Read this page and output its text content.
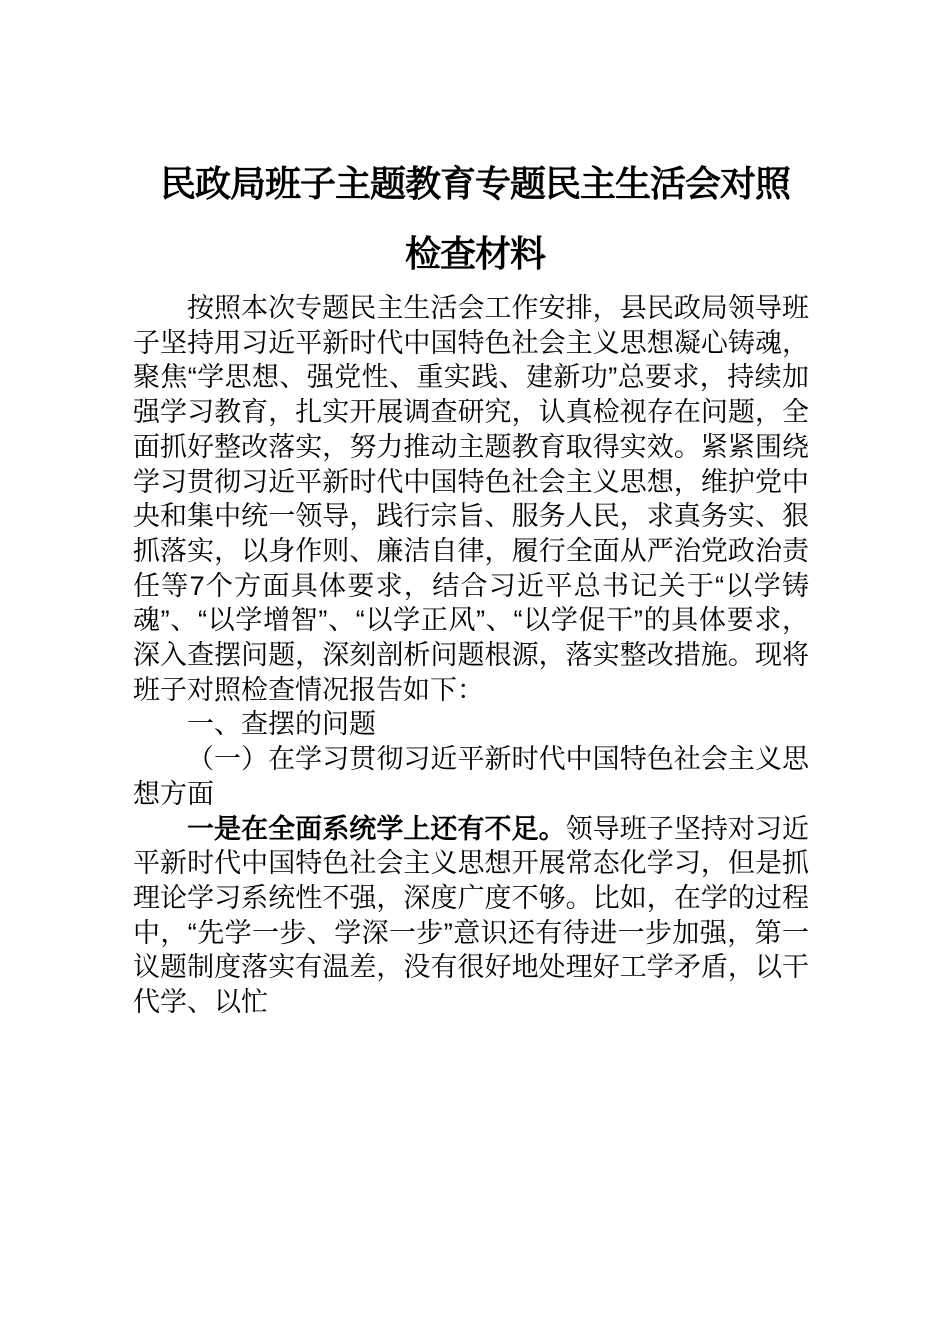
民政局班子主题教育专题民主生活会对照
检查材料

按照本次专题民主生活会工作安排，县民政局领导班子坚持用习近平新时代中国特色社会主义思想凝心铸魂，聚焦“学思想、强党性、重实践、建新功”总要求，持续加强学习教育，扎实开展调查研究，认真检视存在问题，全面抓好整改落实，努力推动主题教育取得实效。紧紧围绕学习贯彻习近平新时代中国特色社会主义思想，维护党中央和集中统一领导，践行宗旨、服务人民，求真务实、狠抓落实，以身作则、廉洁自律，履行全面从严治党政治责任等7个方面具体要求，结合习近平总书记关于“以学铸魂”、“以学增智”、“以学正风”、“以学促干”的具体要求，深入查摆问题，深刻剖析问题根源，落实整改措施。现将班子对照检查情况报告如下：

一、查摆的问题

（一）在学习贯彻习近平新时代中国特色社会主义思想方面

一是在全面系统学上还有不足。领导班子坚持对习近平新时代中国特色社会主义思想开展常态化学习，但是抓理论学习系统性不强，深度广度不够。比如，在学的过程中，“先学一步、学深一步”意识还有待进一步加强，第一议题制度落实有温差，没有很好地处理好工学矛盾，以干代学、以忙
